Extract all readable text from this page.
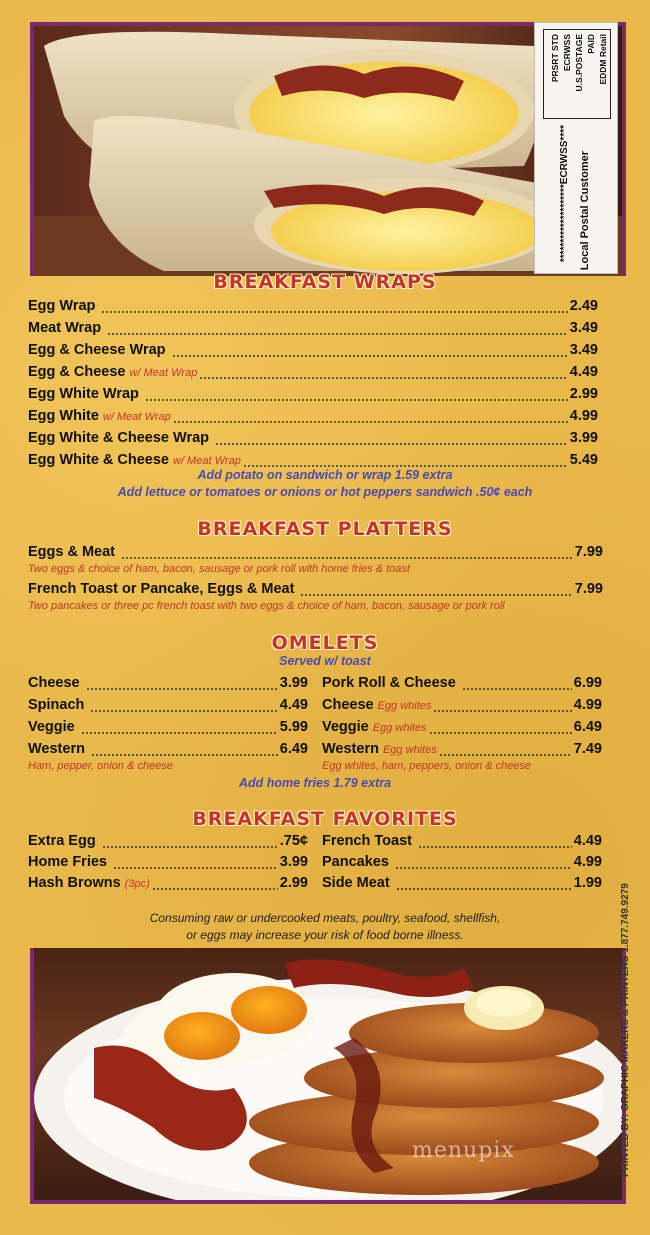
PRSRT STD ECRWSS U.S.POSTAGE PAID EDDM Retail
********************ECRWSS**** Local Postal Customer
BREAKFAST WRAPS
Egg Wrap	2.49
Meat Wrap	3.49
Egg & Cheese Wrap	3.49
Egg & Cheese w/ Meat Wrap	4.49
Egg White Wrap	2.99
Egg White w/ Meat Wrap	4.99
Egg White & Cheese Wrap	3.99
Egg White & Cheese w/ Meat Wrap	5.49
Add potato on sandwich or wrap 1.59 extra
Add lettuce or tomatoes or onions or hot peppers sandwich .50¢ each
BREAKFAST PLATTERS
Eggs & Meat	7.99
Two eggs & choice of ham, bacon, sausage or pork roll with home fries & toast
French Toast or Pancake, Eggs & Meat	7.99
Two pancakes or three pc french toast with two eggs & choice of ham, bacon, sausage or pork roll
OMELETS
Served w/ toast
Cheese	3.99
Spinach	4.49
Veggie	5.99
Western	6.49
Pork Roll & Cheese	6.99
Cheese Egg whites	4.99
Veggie Egg whites	6.49
Western Egg whites	7.49
Ham, pepper, onion & cheese	Egg whites, ham, peppers, onion & cheese
Add home fries 1.79 extra
BREAKFAST FAVORITES
Extra Egg	.75¢
Home Fries	3.99
Hash Browns (3pc)	2.99
French Toast	4.49
Pancakes	4.99
Side Meat	1.99
Consuming raw or undercooked meats, poultry, seafood, shellfish,
or eggs may increase your risk of food borne illness.
menupix	PRINTED BY: GRAPHIC MAKERS & PRINTERS 1.877.749.9279
